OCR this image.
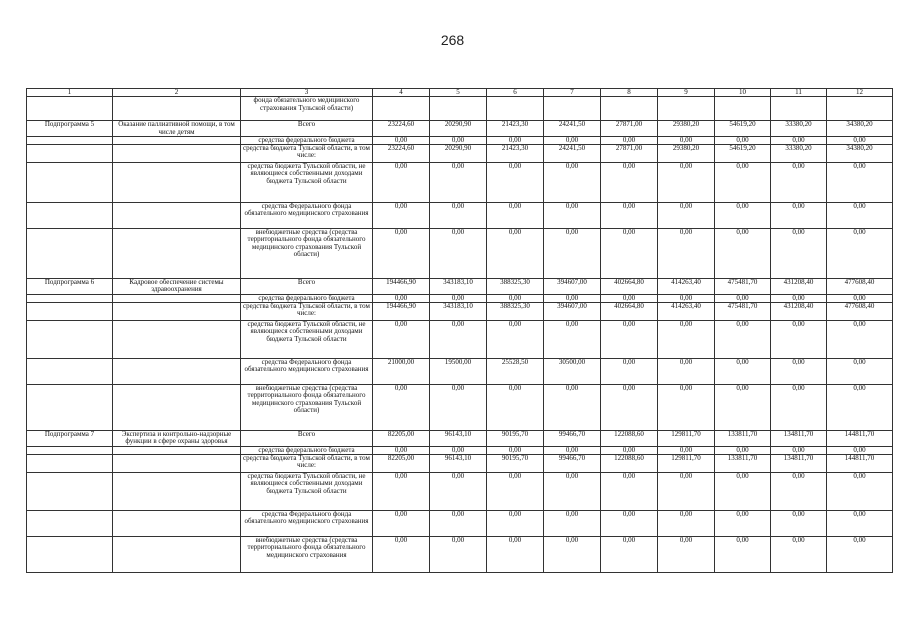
268
1	2	3	4	5	6	7	8	9	10	11	12
		фонда обязательного медицинского страхования Тульской области)									
Подпрограмма 5	Оказание паллиативной помощи, в том числе детям	Всего	23224,60	20290,90	21423,30	24241,50	27871,00	29380,20	54619,20	33380,20	34380,20
		средства федерального бюджета	0,00	0,00	0,00	0,00	0,00	0,00	0,00	0,00	0,00
		средства бюджета Тульской области, в том числе:	23224,60	20290,90	21423,30	24241,50	27871,00	29380,20	54619,20	33380,20	34380,20
		средства бюджета Тульской области, не являющиеся собственными доходами бюджета Тульской области	0,00	0,00	0,00	0,00	0,00	0,00	0,00	0,00	0,00
		средства Федерального фонда обязательного медицинского страхования	0,00	0,00	0,00	0,00	0,00	0,00	0,00	0,00	0,00
		внебюджетные средства (средства территориального фонда обязательного медицинского страхования Тульской области)	0,00	0,00	0,00	0,00	0,00	0,00	0,00	0,00	0,00
Подпрограмма 6	Кадровое обеспечение системы здравоохранения	Всего	194466,90	343183,10	388325,30	394607,00	402664,80	414263,40	475481,70	431208,40	477608,40
		средства федерального бюджета	0,00	0,00	0,00	0,00	0,00	0,00	0,00	0,00	0,00
		средства бюджета Тульской области, в том числе:	194466,90	343183,10	388325,30	394607,00	402664,80	414263,40	475481,70	431208,40	477608,40
		средства бюджета Тульской области, не являющиеся собственными доходами бюджета Тульской области	0,00	0,00	0,00	0,00	0,00	0,00	0,00	0,00	0,00
		средства Федерального фонда обязательного медицинского страхования	21000,00	19500,00	25528,50	30500,00	0,00	0,00	0,00	0,00	0,00
		внебюджетные средства (средства территориального фонда обязательного медицинского страхования Тульской области)	0,00	0,00	0,00	0,00	0,00	0,00	0,00	0,00	0,00
Подпрограмма 7	Экспертиза и контрольно-надзорные функции в сфере охраны здоровья	Всего	82205,00	96143,10	90195,70	99466,70	122088,60	129811,70	133811,70	134811,70	144811,70
		средства федерального бюджета	0,00	0,00	0,00	0,00	0,00	0,00	0,00	0,00	0,00
		средства бюджета Тульской области, в том числе:	82205,00	96143,10	90195,70	99466,70	122088,60	129811,70	133811,70	134811,70	144811,70
		средства бюджета Тульской области, не являющиеся собственными доходами бюджета Тульской области	0,00	0,00	0,00	0,00	0,00	0,00	0,00	0,00	0,00
		средства Федерального фонда обязательного медицинского страхования	0,00	0,00	0,00	0,00	0,00	0,00	0,00	0,00	0,00
		внебюджетные средства (средства территориального фонда обязательного медицинского страхования	0,00	0,00	0,00	0,00	0,00	0,00	0,00	0,00	0,00
